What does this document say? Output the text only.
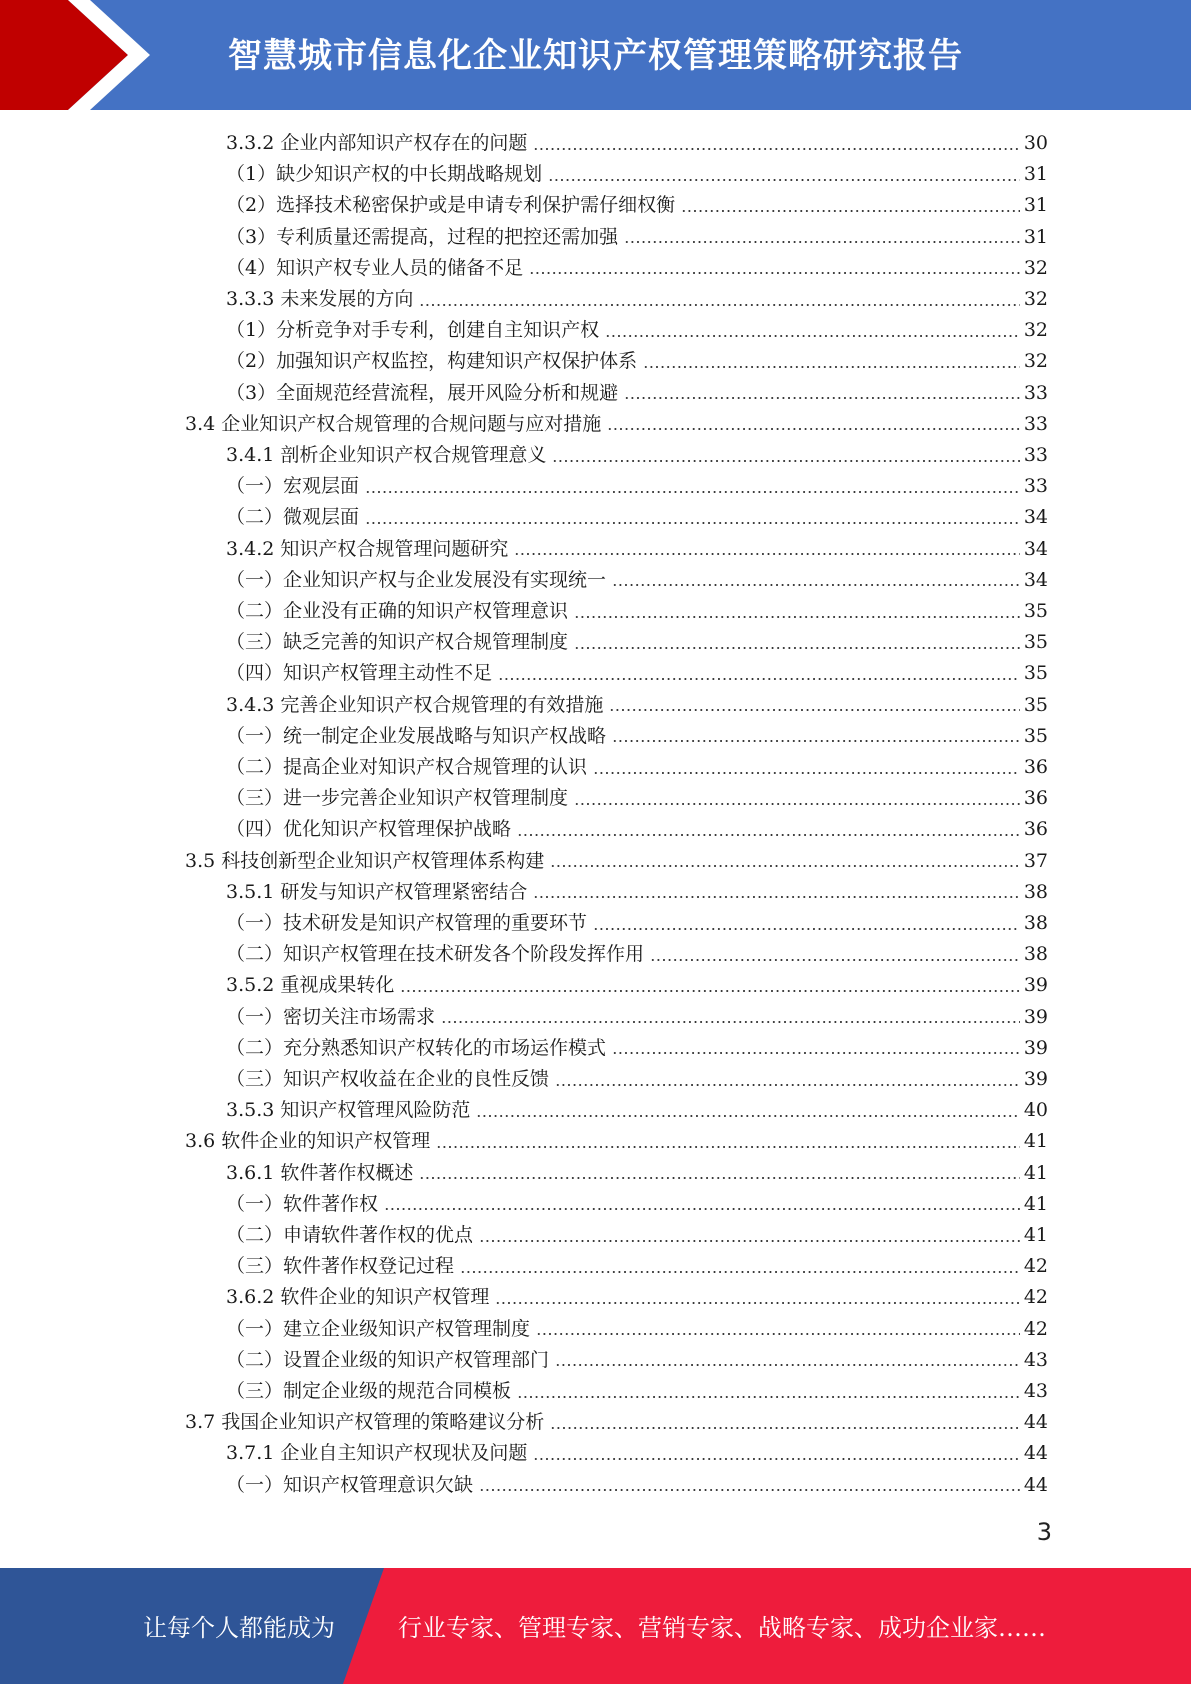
智慧城市信息化企业知识产权管理策略研究报告
3.3.2 企业内部知识产权存在的问题	30
（1）缺少知识产权的中长期战略规划	31
（2）选择技术秘密保护或是申请专利保护需仔细权衡	31
（3）专利质量还需提高，过程的把控还需加强	31
（4）知识产权专业人员的储备不足	32
3.3.3 未来发展的方向	32
（1）分析竞争对手专利，创建自主知识产权	32
（2）加强知识产权监控，构建知识产权保护体系	32
（3）全面规范经营流程，展开风险分析和规避	33
3.4 企业知识产权合规管理的合规问题与应对措施	33
3.4.1 剖析企业知识产权合规管理意义	33
（一）宏观层面	33
（二）微观层面	34
3.4.2 知识产权合规管理问题研究	34
（一）企业知识产权与企业发展没有实现统一	34
（二）企业没有正确的知识产权管理意识	35
（三）缺乏完善的知识产权合规管理制度	35
（四）知识产权管理主动性不足	35
3.4.3 完善企业知识产权合规管理的有效措施	35
（一）统一制定企业发展战略与知识产权战略	35
（二）提高企业对知识产权合规管理的认识	36
（三）进一步完善企业知识产权管理制度	36
（四）优化知识产权管理保护战略	36
3.5 科技创新型企业知识产权管理体系构建	37
3.5.1 研发与知识产权管理紧密结合	38
（一）技术研发是知识产权管理的重要环节	38
（二）知识产权管理在技术研发各个阶段发挥作用	38
3.5.2 重视成果转化	39
（一）密切关注市场需求	39
（二）充分熟悉知识产权转化的市场运作模式	39
（三）知识产权收益在企业的良性反馈	39
3.5.3 知识产权管理风险防范	40
3.6 软件企业的知识产权管理	41
3.6.1 软件著作权概述	41
（一）软件著作权	41
（二）申请软件著作权的优点	41
（三）软件著作权登记过程	42
3.6.2 软件企业的知识产权管理	42
（一）建立企业级知识产权管理制度	42
（二）设置企业级的知识产权管理部门	43
（三）制定企业级的规范合同模板	43
3.7 我国企业知识产权管理的策略建议分析	44
3.7.1 企业自主知识产权现状及问题	44
（一）知识产权管理意识欠缺	44
3
让每个人都能成为	行业专家、管理专家、营销专家、战略专家、成功企业家……
